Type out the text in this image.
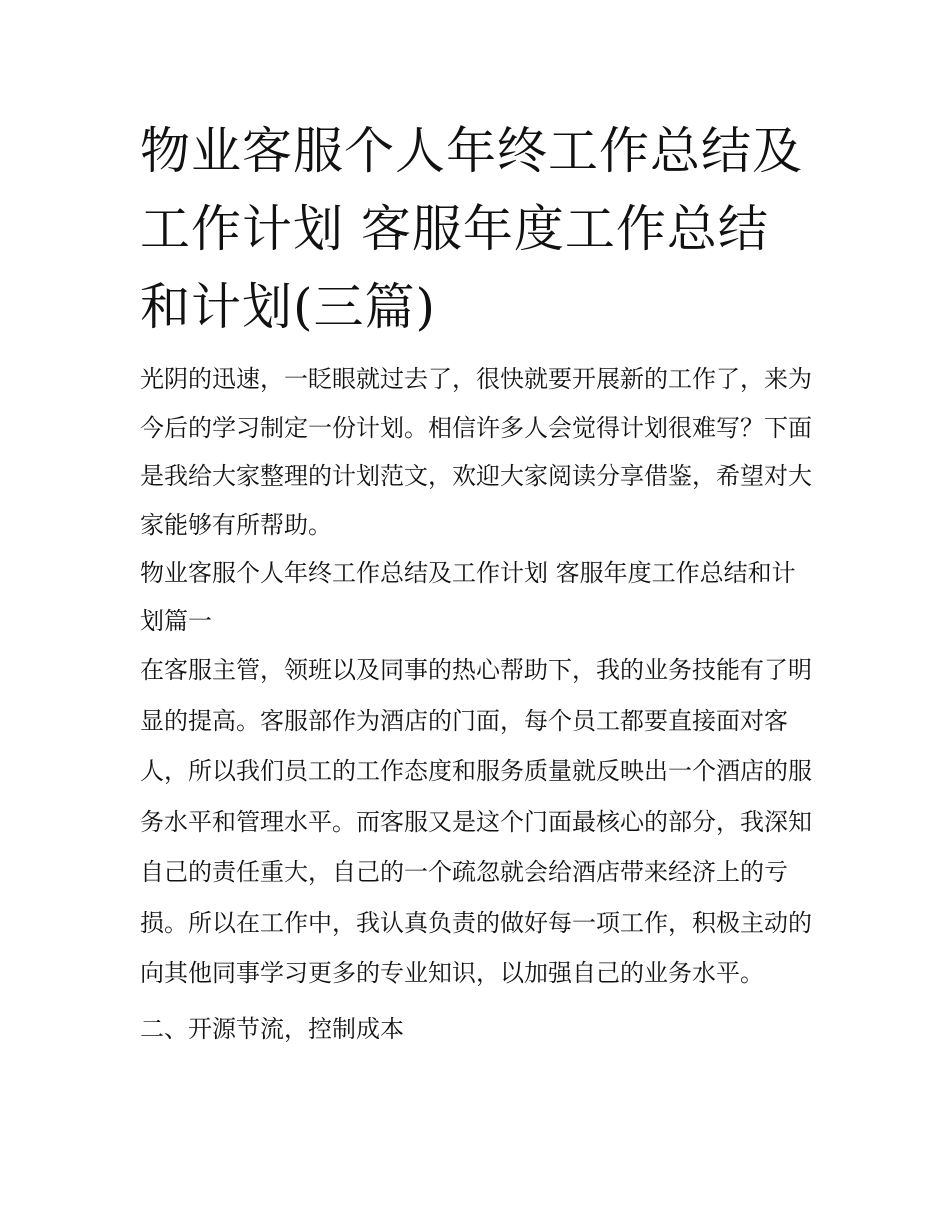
物业客服个人年终工作总结及工作计划 客服年度工作总结和计划(三篇)

光阴的迅速，一眨眼就过去了，很快就要开展新的工作了，来为今后的学习制定一份计划。相信许多人会觉得计划很难写？下面是我给大家整理的计划范文，欢迎大家阅读分享借鉴，希望对大家能够有所帮助。

物业客服个人年终工作总结及工作计划 客服年度工作总结和计划篇一

在客服主管，领班以及同事的热心帮助下，我的业务技能有了明显的提高。客服部作为酒店的门面，每个员工都要直接面对客人，所以我们员工的工作态度和服务质量就反映出一个酒店的服务水平和管理水平。而客服又是这个门面最核心的部分，我深知自己的责任重大，自己的一个疏忽就会给酒店带来经济上的亏损。所以在工作中，我认真负责的做好每一项工作，积极主动的向其他同事学习更多的专业知识，以加强自己的业务水平。

二、开源节流，控制成本
